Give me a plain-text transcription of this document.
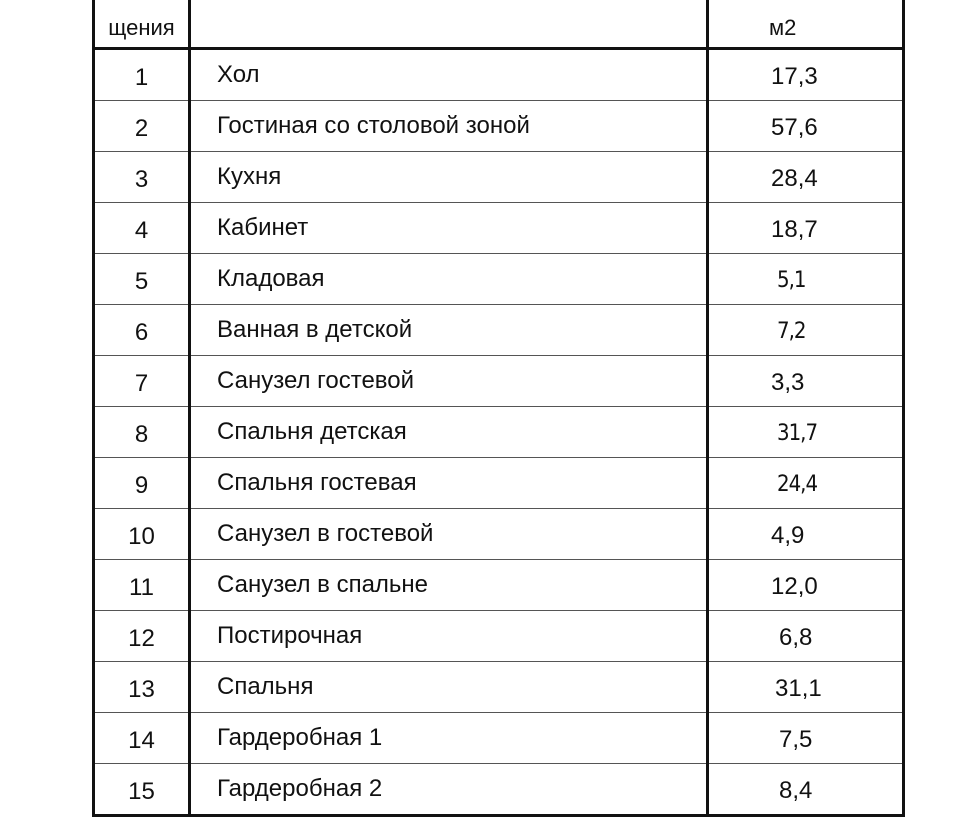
щения		м2
1	Хол	17,3
2	Гостиная со столовой зоной	57,6
3	Кухня	28,4
4	Кабинет	18,7
5	Кладовая	5,1
6	Ванная в детской	7,2
7	Санузел гостевой	3,3
8	Спальня детская	31,7
9	Спальня гостевая	24,4
10	Санузел в гостевой	4,9
11	Санузел в спальне	12,0
12	Постирочная	6,8
13	Спальня	31,1
14	Гардеробная 1	7,5
15	Гардеробная 2	8,4
